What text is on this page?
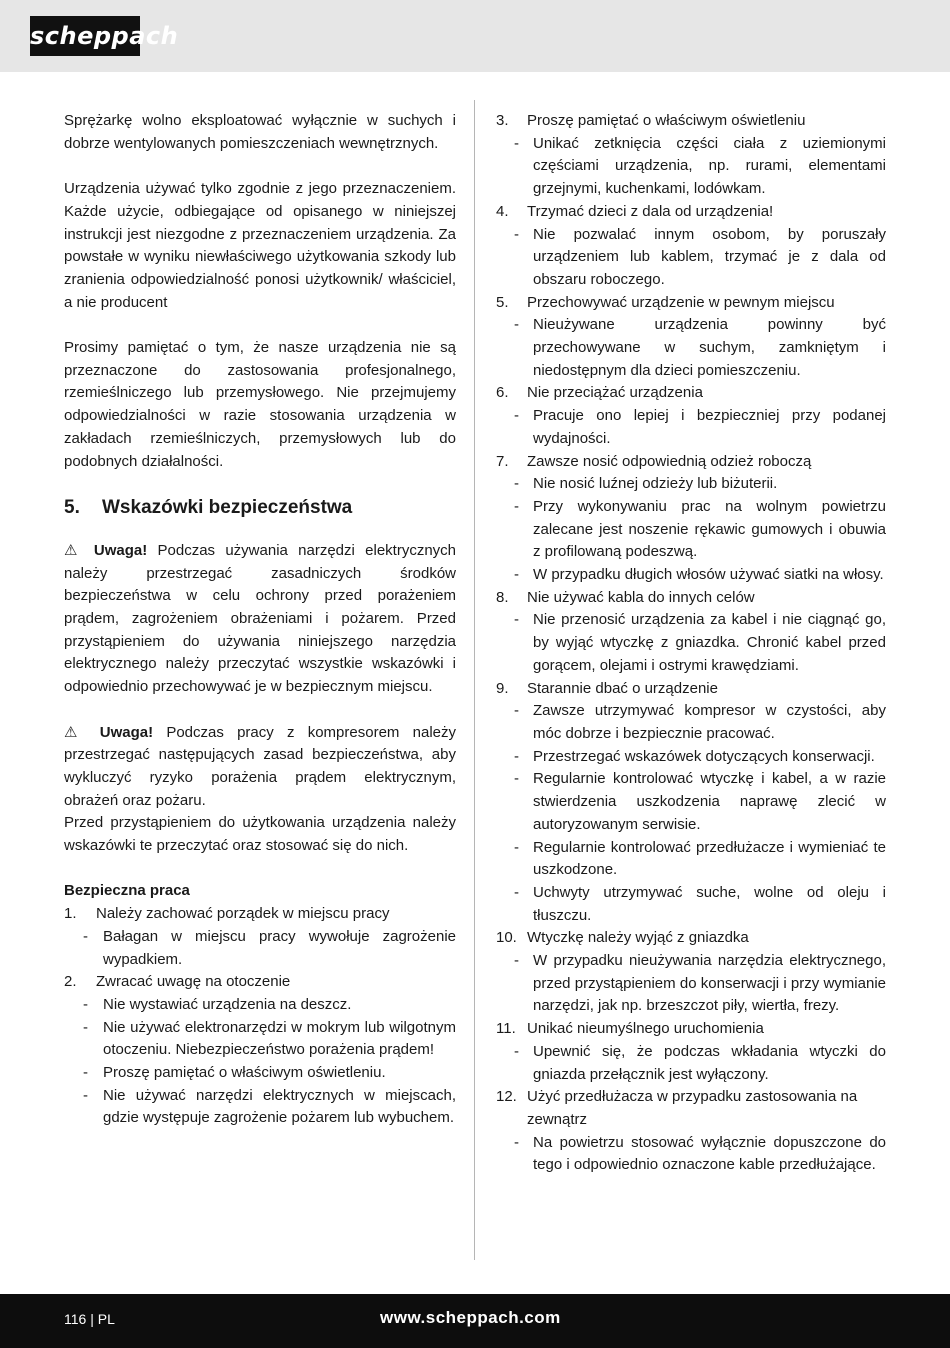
scheppach

Sprężarkę wolno eksploatować wyłącznie w suchych i dobrze wentylowanych pomieszczeniach wewnętrznych.

Urządzenia używać tylko zgodnie z jego przeznaczeniem. Każde użycie, odbiegające od opisanego w niniejszej instrukcji jest niezgodne z przeznaczeniem urządzenia. Za powstałe w wyniku niewłaściwego użytkowania szkody lub zranienia odpowiedzialność ponosi użytkownik/ właściciel, a nie producent

Prosimy pamiętać o tym, że nasze urządzenia nie są przeznaczone do zastosowania profesjonalnego, rzemieślniczego lub przemysłowego. Nie przejmujemy odpowiedzialności w razie stosowania urządzenia w zakładach rzemieślniczych, przemysłowych lub do podobnych działalności.

5. Wskazówki bezpieczeństwa

⚠ Uwaga! Podczas używania narzędzi elektrycznych należy przestrzegać zasadniczych środków bezpieczeństwa w celu ochrony przed porażeniem prądem, zagrożeniem obrażeniami i pożarem. Przed przystąpieniem do używania niniejszego narzędzia elektrycznego należy przeczytać wszystkie wskazówki i odpowiednio przechowywać je w bezpiecznym miejscu.

⚠ Uwaga! Podczas pracy z kompresorem należy przestrzegać następujących zasad bezpieczeństwa, aby wykluczyć ryzyko porażenia prądem elektrycznym, obrażeń oraz pożaru.

Przed przystąpieniem do użytkowania urządzenia należy wskazówki te przeczytać oraz stosować się do nich.

Bezpieczna praca
1. Należy zachować porządek w miejscu pracy
- Bałagan w miejscu pracy wywołuje zagrożenie wypadkiem.
2. Zwracać uwagę na otoczenie
- Nie wystawiać urządzenia na deszcz.
- Nie używać elektronarzędzi w mokrym lub wilgotnym otoczeniu. Niebezpieczeństwo porażenia prądem!
- Proszę pamiętać o właściwym oświetleniu.
- Nie używać narzędzi elektrycznych w miejscach, gdzie występuje zagrożenie pożarem lub wybuchem.
3. Proszę pamiętać o właściwym oświetleniu
- Unikać zetknięcia części ciała z uziemionymi częściami urządzenia, np. rurami, elementami grzejnymi, kuchenkami, lodówkam.
4. Trzymać dzieci z dala od urządzenia!
- Nie pozwalać innym osobom, by poruszały urządzeniem lub kablem, trzymać je z dala od obszaru roboczego.
5. Przechowywać urządzenie w pewnym miejscu
- Nieużywane urządzenia powinny być przechowywane w suchym, zamkniętym i niedostępnym dla dzieci pomieszczeniu.
6. Nie przeciążać urządzenia
- Pracuje ono lepiej i bezpieczniej przy podanej wydajności.
7. Zawsze nosić odpowiednią odzież roboczą
- Nie nosić luźnej odzieży lub biżuterii.
- Przy wykonywaniu prac na wolnym powietrzu zalecane jest noszenie rękawic gumowych i obuwia z profilowaną podeszwą.
- W przypadku długich włosów używać siatki na włosy.
8. Nie używać kabla do innych celów
- Nie przenosić urządzenia za kabel i nie ciągnąć go, by wyjąć wtyczkę z gniazdka. Chronić kabel przed gorącem, olejami i ostrymi krawędziami.
9. Starannie dbać o urządzenie
- Zawsze utrzymywać kompresor w czystości, aby móc dobrze i bezpiecznie pracować.
- Przestrzegać wskazówek dotyczących konserwacji.
- Regularnie kontrolować wtyczkę i kabel, a w razie stwierdzenia uszkodzenia naprawę zlecić w autoryzowanym serwisie.
- Regularnie kontrolować przedłużacze i wymieniać te uszkodzone.
- Uchwyty utrzymywać suche, wolne od oleju i tłuszczu.
10. Wtyczkę należy wyjąć z gniazdka
- W przypadku nieużywania narzędzia elektrycznego, przed przystąpieniem do konserwacji i przy wymianie narzędzi, jak np. brzeszczot piły, wiertła, frezy.
11. Unikać nieumyślnego uruchomienia
- Upewnić się, że podczas wkładania wtyczki do gniazda przełącznik jest wyłączony.
12. Użyć przedłużacza w przypadku zastosowania na zewnątrz
- Na powietrzu stosować wyłącznie dopuszczone do tego i odpowiednio oznaczone kable przedłużające.
116 | PL	www.scheppach.com
